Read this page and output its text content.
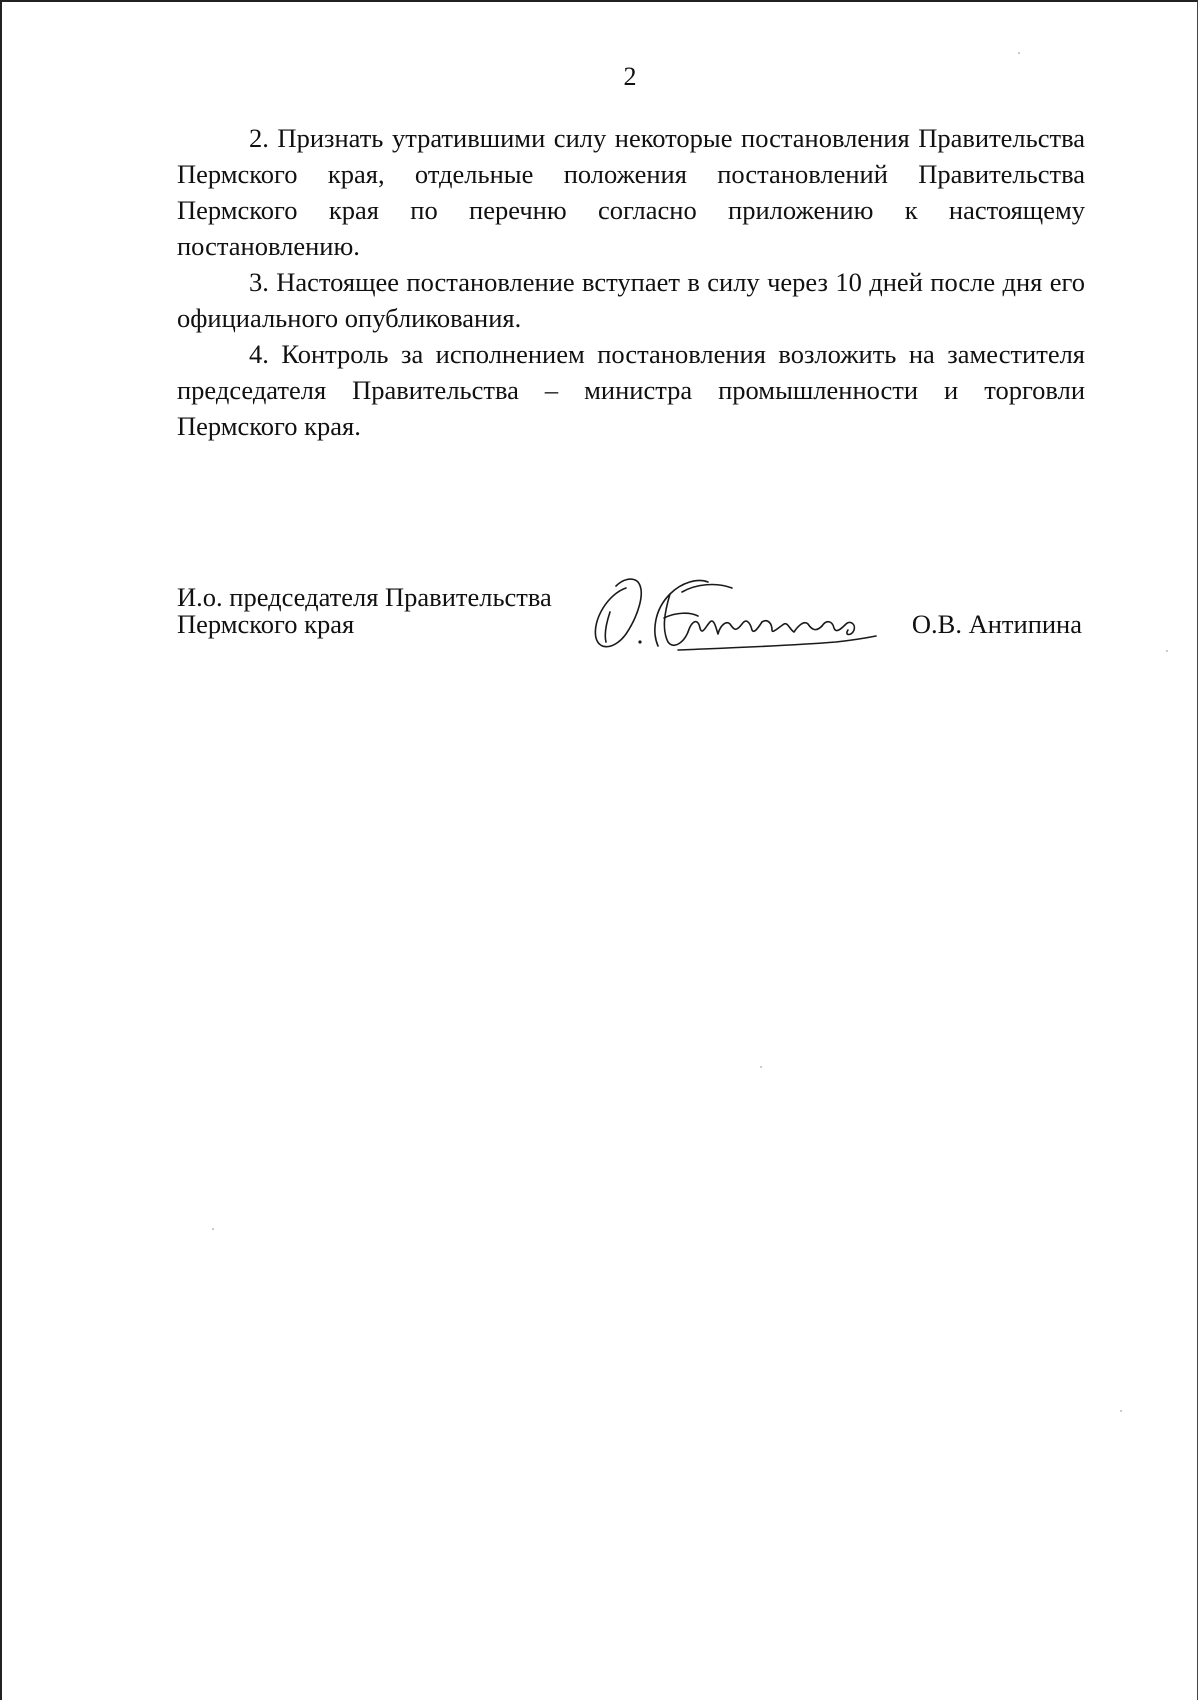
2

2. Признать утратившими силу некоторые постановления Правительства Пермского края, отдельные положения постановлений Правительства Пермского края по перечню согласно приложению к настоящему постановлению.

3. Настоящее постановление вступает в силу через 10 дней после дня его официального опубликования.

4. Контроль за исполнением постановления возложить на заместителя председателя Правительства – министра промышленности и торговли Пермского края.

И.о. председателя Правительства
Пермского края	О.В. Антипина
